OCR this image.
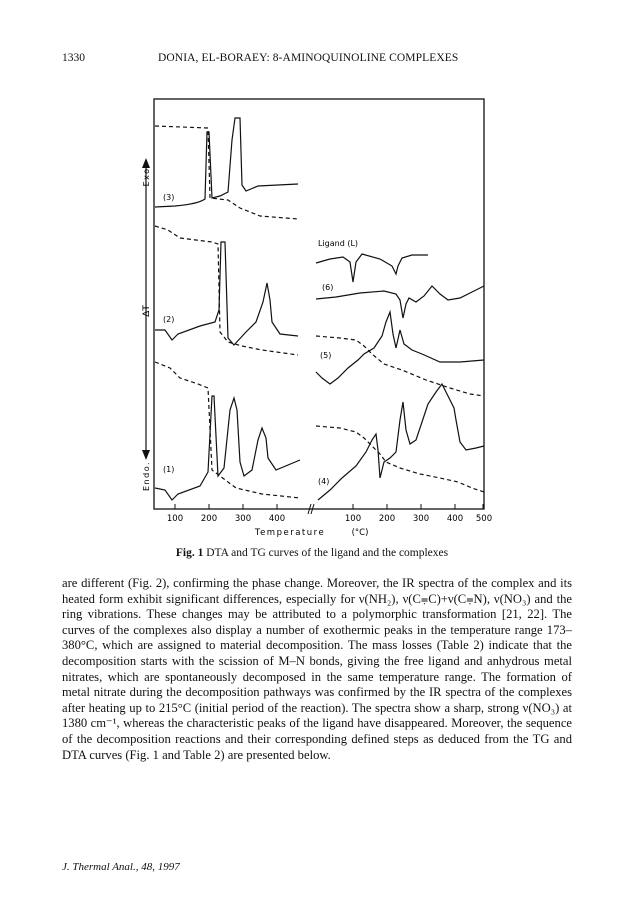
1330	DONIA, EL-BORAEY: 8-AMINOQUINOLINE COMPLEXES
Exo.
ΔT
Endo.
100 200 300 400	100 200 300 400 500
Temperature	(°C)
(3)
(2)
(1)
Ligand (L)
(6)
(5)
(4)
Fig. 1 DTA and TG curves of the ligand and the complexes

are different (Fig. 2), confirming the phase change. Moreover, the IR spectra of the complex and its heated form exhibit significant differences, especially for ν(NH₂), ν(C⩦C)+ν(C⩦N), ν(NO₃) and the ring vibrations. These changes may be attributed to a polymorphic transformation [21, 22]. The curves of the complexes also display a number of exothermic peaks in the temperature range 173–380°C, which are assigned to material decomposition. The mass losses (Table 2) indicate that the decomposition starts with the scission of M–N bonds, giving the free ligand and anhydrous metal nitrates, which are spontaneously decomposed in the same temperature range. The formation of metal nitrate during the decomposition pathways was confirmed by the IR spectra of the complexes after heating up to 215°C (initial period of the reaction). The spectra show a sharp, strong ν(NO₃) at 1380 cm⁻¹, whereas the characteristic peaks of the ligand have disappeared. Moreover, the sequence of the decomposition reactions and their corresponding defined steps as deduced from the TG and DTA curves (Fig. 1 and Table 2) are presented below.

J. Thermal Anal., 48, 1997
